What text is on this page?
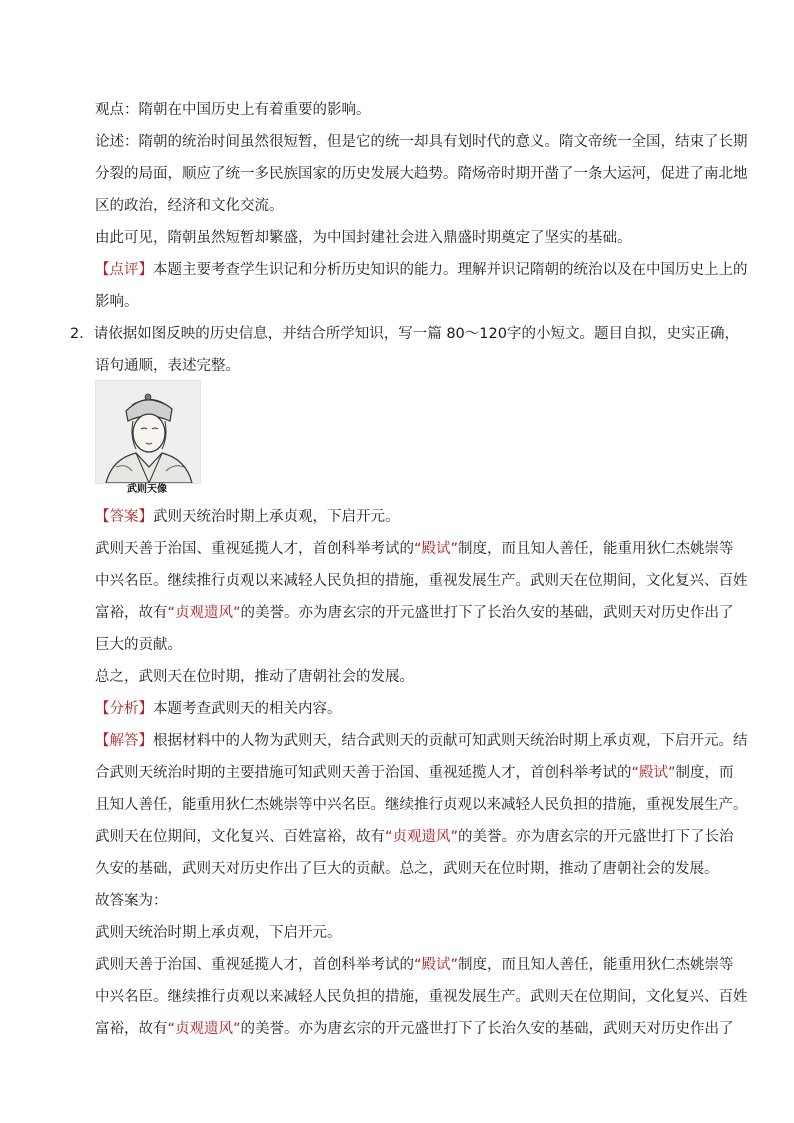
观点：隋朝在中国历史上有着重要的影响。
论述：隋朝的统治时间虽然很短暂，但是它的统一却具有划时代的意义。隋文帝统一全国，结束了长期
分裂的局面，顺应了统一多民族国家的历史发展大趋势。隋炀帝时期开凿了一条大运河，促进了南北地
区的政治，经济和文化交流。
由此可见，隋朝虽然短暂却繁盛，为中国封建社会进入鼎盛时期奠定了坚实的基础。
【点评】本题主要考查学生识记和分析历史知识的能力。理解并识记隋朝的统治以及在中国历史上上的
影响。
2．请依据如图反映的历史信息，并结合所学知识，写一篇 80～120字的小短文。题目自拟，史实正确，
语句通顺，表述完整。
武则天像
【答案】武则天统治时期上承贞观，下启开元。
武则天善于治国、重视延揽人才，首创科举考试的“殿试”制度，而且知人善任，能重用狄仁杰姚崇等
中兴名臣。继续推行贞观以来减轻人民负担的措施，重视发展生产。武则天在位期间，文化复兴、百姓
富裕，故有“贞观遗风”的美誉。亦为唐玄宗的开元盛世打下了长治久安的基础，武则天对历史作出了
巨大的贡献。
总之，武则天在位时期，推动了唐朝社会的发展。
【分析】本题考查武则天的相关内容。
【解答】根据材料中的人物为武则天，结合武则天的贡献可知武则天统治时期上承贞观，下启开元。结
合武则天统治时期的主要措施可知武则天善于治国、重视延揽人才，首创科举考试的“殿试”制度，而
且知人善任，能重用狄仁杰姚崇等中兴名臣。继续推行贞观以来减轻人民负担的措施，重视发展生产。
武则天在位期间，文化复兴、百姓富裕，故有“贞观遗风”的美誉。亦为唐玄宗的开元盛世打下了长治
久安的基础，武则天对历史作出了巨大的贡献。总之，武则天在位时期，推动了唐朝社会的发展。
故答案为：
武则天统治时期上承贞观，下启开元。
武则天善于治国、重视延揽人才，首创科举考试的“殿试”制度，而且知人善任，能重用狄仁杰姚崇等
中兴名臣。继续推行贞观以来减轻人民负担的措施，重视发展生产。武则天在位期间，文化复兴、百姓
富裕，故有“贞观遗风”的美誉。亦为唐玄宗的开元盛世打下了长治久安的基础，武则天对历史作出了
